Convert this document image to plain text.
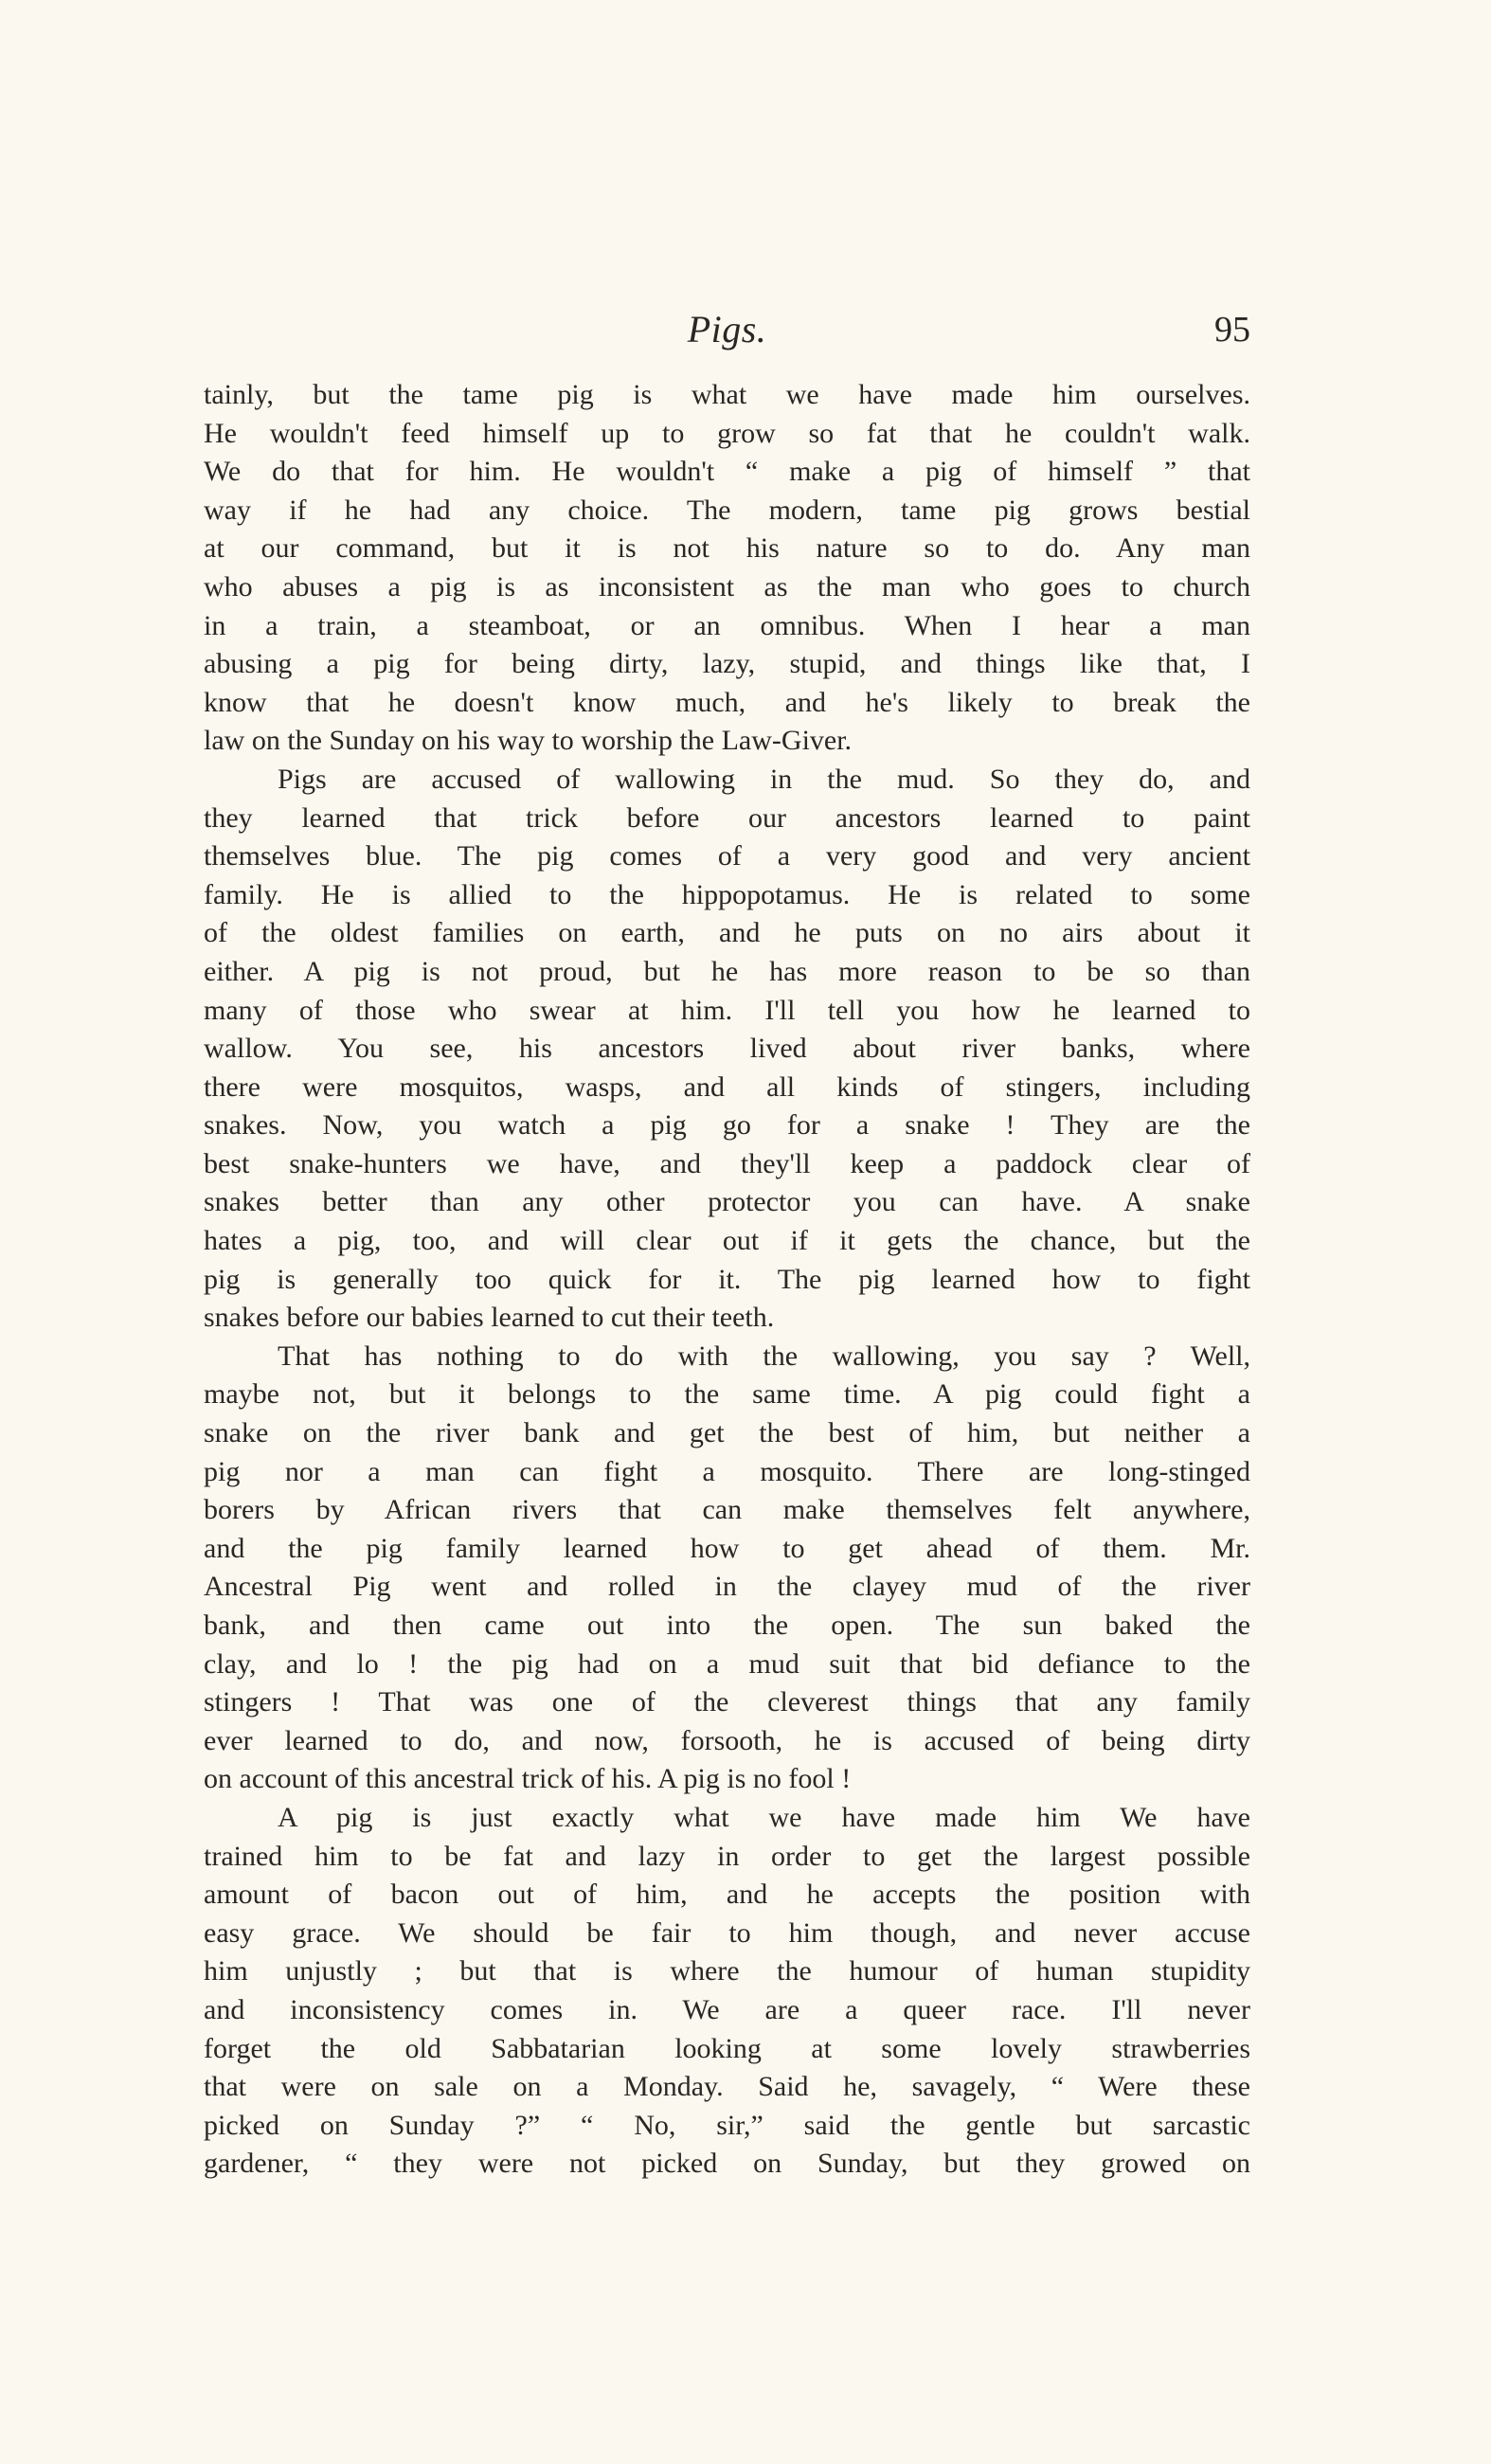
Pigs.	95
tainly, but the tame pig is what we have made him ourselves.
He wouldn't feed himself up to grow so fat that he couldn't walk.
We do that for him. He wouldn't “ make a pig of himself ” that
way if he had any choice. The modern, tame pig grows bestial
at our command, but it is not his nature so to do. Any man
who abuses a pig is as inconsistent as the man who goes to church
in a train, a steamboat, or an omnibus. When I hear a man
abusing a pig for being dirty, lazy, stupid, and things like that, I
know that he doesn't know much, and he's likely to break the
law on the Sunday on his way to worship the Law-Giver.
Pigs are accused of wallowing in the mud. So they do, and
they learned that trick before our ancestors learned to paint
themselves blue. The pig comes of a very good and very ancient
family. He is allied to the hippopotamus. He is related to some
of the oldest families on earth, and he puts on no airs about it
either. A pig is not proud, but he has more reason to be so than
many of those who swear at him. I'll tell you how he learned to
wallow. You see, his ancestors lived about river banks, where
there were mosquitos, wasps, and all kinds of stingers, including
snakes. Now, you watch a pig go for a snake ! They are the
best snake-hunters we have, and they'll keep a paddock clear of
snakes better than any other protector you can have. A snake
hates a pig, too, and will clear out if it gets the chance, but the
pig is generally too quick for it. The pig learned how to fight
snakes before our babies learned to cut their teeth.
That has nothing to do with the wallowing, you say ? Well,
maybe not, but it belongs to the same time. A pig could fight a
snake on the river bank and get the best of him, but neither a
pig nor a man can fight a mosquito. There are long-stinged
borers by African rivers that can make themselves felt anywhere,
and the pig family learned how to get ahead of them. Mr.
Ancestral Pig went and rolled in the clayey mud of the river
bank, and then came out into the open. The sun baked the
clay, and lo ! the pig had on a mud suit that bid defiance to the
stingers ! That was one of the cleverest things that any family
ever learned to do, and now, forsooth, he is accused of being dirty
on account of this ancestral trick of his. A pig is no fool !
A pig is just exactly what we have made him We have
trained him to be fat and lazy in order to get the largest possible
amount of bacon out of him, and he accepts the position with
easy grace. We should be fair to him though, and never accuse
him unjustly ; but that is where the humour of human stupidity
and inconsistency comes in. We are a queer race. I'll never
forget the old Sabbatarian looking at some lovely strawberries
that were on sale on a Monday. Said he, savagely, “ Were these
picked on Sunday ?” “ No, sir,” said the gentle but sarcastic
gardener, “ they were not picked on Sunday, but they growed on
